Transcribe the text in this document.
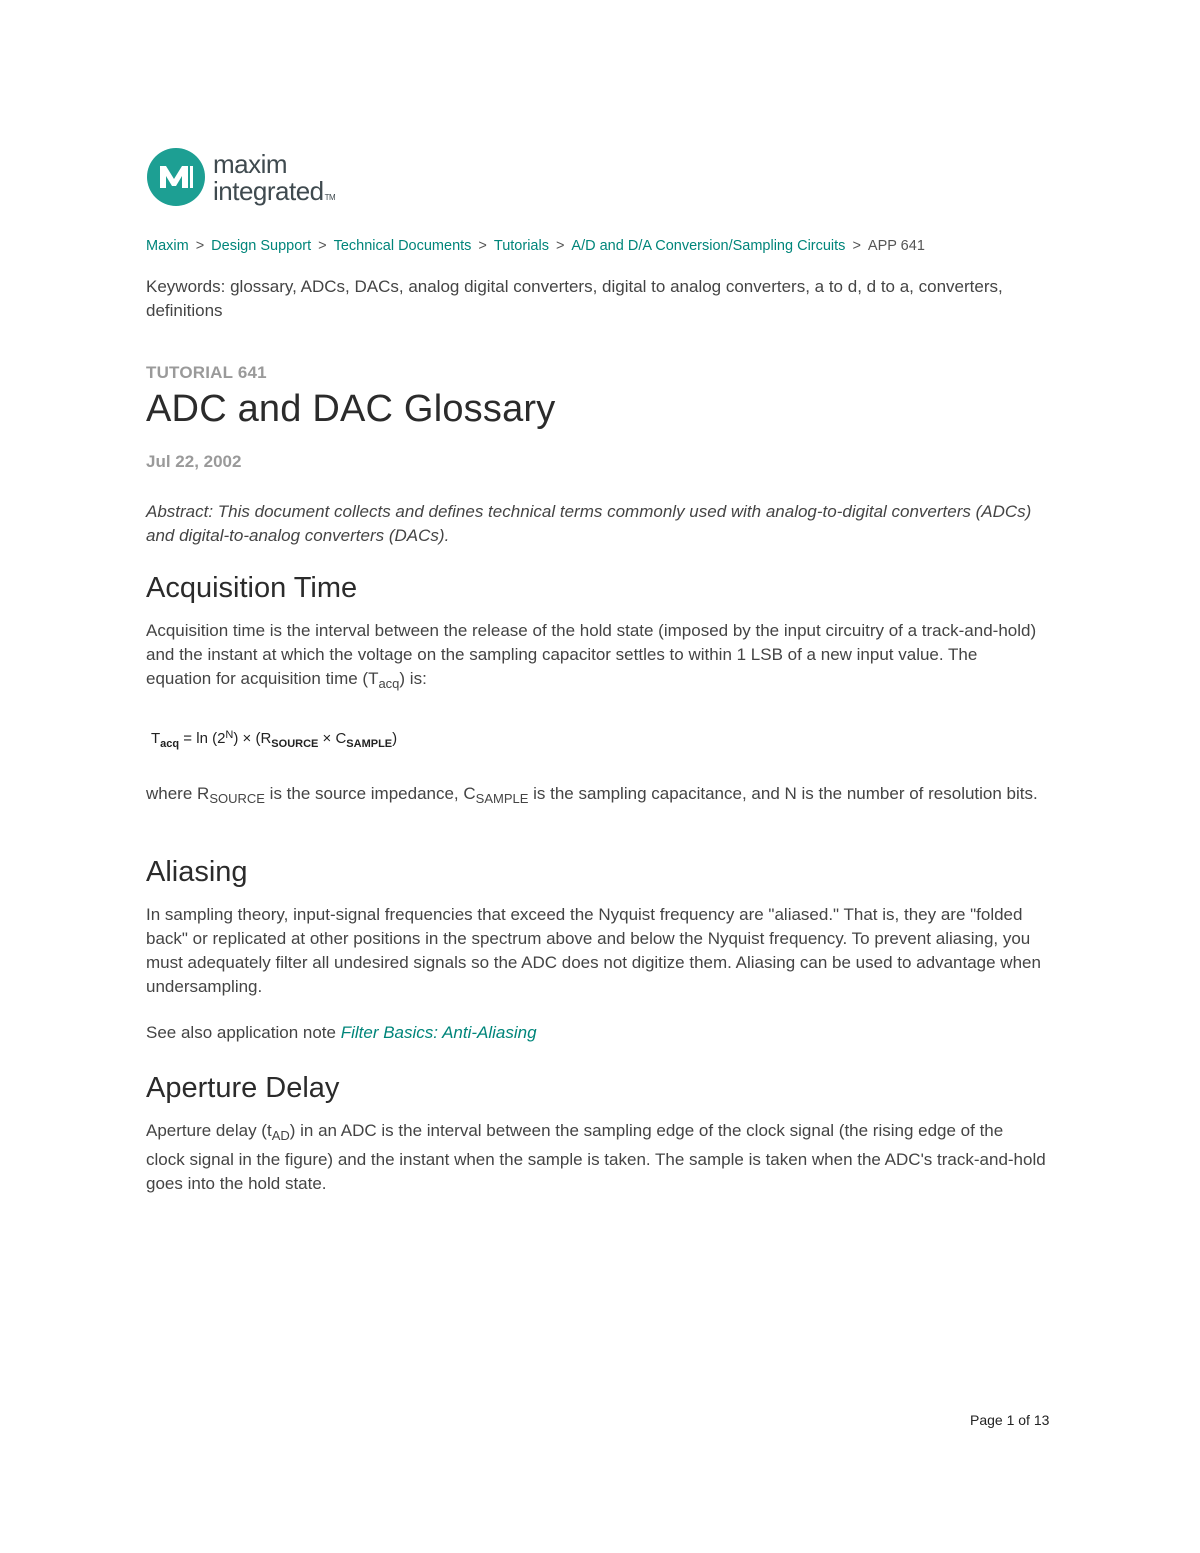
maxim
integratedTM
Maxim > Design Support > Technical Documents > Tutorials > A/D and D/A Conversion/Sampling Circuits > APP 641
Keywords: glossary, ADCs, DACs, analog digital converters, digital to analog converters, a to d, d to a, converters, definitions
TUTORIAL 641
ADC and DAC Glossary
Jul 22, 2002
Abstract: This document collects and defines technical terms commonly used with analog-to-digital converters (ADCs) and digital-to-analog converters (DACs).
Acquisition Time

Acquisition time is the interval between the release of the hold state (imposed by the input circuitry of a track-and-hold) and the instant at which the voltage on the sampling capacitor settles to within 1 LSB of a new input value. The equation for acquisition time $(T_{acq})$ is:

$T_{acq} = \ln (2^N) \times (R_{SOURCE} \times C_{SAMPLE})$

where $R_{SOURCE}$ is the source impedance, $C_{SAMPLE}$ is the sampling capacitance, and N is the number of resolution bits.

Aliasing

In sampling theory, input-signal frequencies that exceed the Nyquist frequency are "aliased." That is, they are "folded back" or replicated at other positions in the spectrum above and below the Nyquist frequency. To prevent aliasing, you must adequately filter all undesired signals so the ADC does not digitize them. Aliasing can be used to advantage when undersampling.

See also application note Filter Basics: Anti-Aliasing
Aperture Delay

Aperture delay $(t_{AD})$ in an ADC is the interval between the sampling edge of the clock signal (the rising edge of the clock signal in the figure) and the instant when the sample is taken. The sample is taken when the ADC's track-and-hold goes into the hold state.

Page 1 of 13
